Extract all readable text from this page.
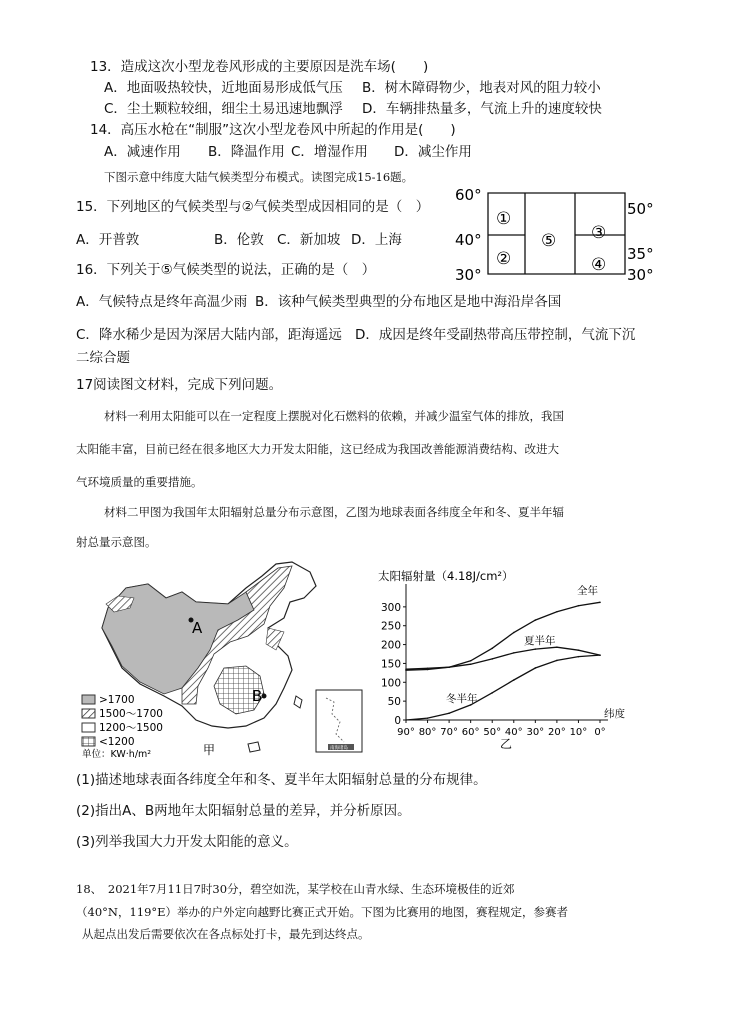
13．造成这次小型龙卷风形成的主要原因是洗车场(　　)
A．地面吸热较快，近地面易形成低气压 B．树木障碍物少，地表对风的阻力较小
C．尘土颗粒较细，细尘土易迅速地飘浮 D．车辆排热量多，气流上升的速度较快
14．高压水枪在“制服”这次小型龙卷风中所起的作用是(　　)
A．减速作用 B．降温作用 C．增湿作用 D．减尘作用
下图示意中纬度大陆气候类型分布模式。读图完成15-16题。
60°
40°
30°
50°
35°
30°
①
②
⑤ ③
④
15．下列地区的气候类型与②气候类型成因相同的是（　）
A．开普敦	B．伦敦 C．新加坡 D．上海
16．下列关于⑤气候类型的说法，正确的是（　）
A．气候特点是终年高温少雨 B．该种气候类型典型的分布地区是地中海沿岸各国
C．降水稀少是因为深居大陆内部，距海遥远 D．成因是终年受副热带高压带控制，气流下沉
二综合题
17阅读图文材料，完成下列问题。
材料一利用太阳能可以在一定程度上摆脱对化石燃料的依赖，并减少温室气体的排放，我国
太阳能丰富，目前已经在很多地区大力开发太阳能，这已经成为我国改善能源消费结构、改进大
气环境质量的重要措施。
材料二甲图为我国年太阳辐射总量分布示意图，乙图为地球表面各纬度全年和冬、夏半年辐
射总量示意图。
A
B
>1700
1500～1700
1200～1500
<1200
单位：KW·h/m²	甲	南海诸岛
太阳辐射量（4.18J/cm²）
0
50
100
150
200
250
300
90° 80° 70° 60° 50° 40° 30° 20° 10° 0°
纬度
乙
全年
夏半年
冬半年
(1)描述地球表面各纬度全年和冬、夏半年太阳辐射总量的分布规律。
(2)指出A、B两地年太阳辐射总量的差异，并分析原因。
(3)列举我国大力开发太阳能的意义。
18、　2021年7月11日7时30分，碧空如洗，某学校在山青水绿、生态环境极佳的近郊
（40°N，119°E）举办的户外定向越野比赛正式开始。下图为比赛用的地图，赛程规定，参赛者
从起点出发后需要依次在各点标处打卡，最先到达终点。
